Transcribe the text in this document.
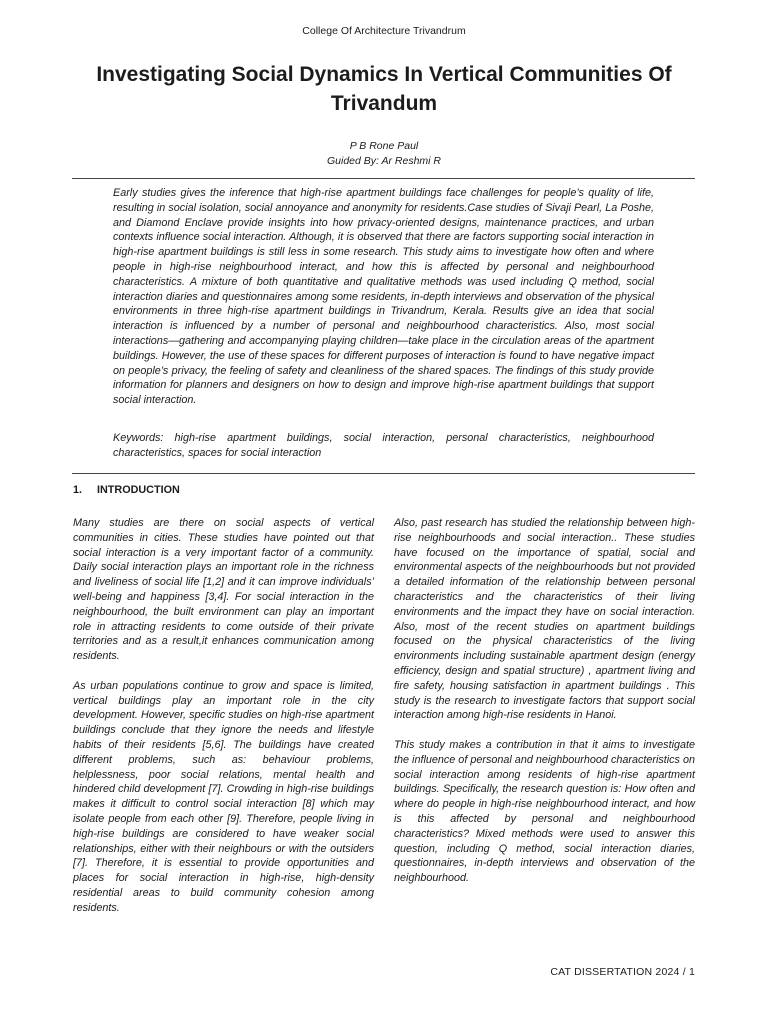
College Of Architecture Trivandrum
Investigating Social Dynamics In Vertical Communities Of Trivandum
P B Rone Paul
Guided By: Ar Reshmi R

Early studies gives the inference that high-rise apartment buildings face challenges for people’s quality of life, resulting in social isolation, social annoyance and anonymity for residents.Case studies of Sivaji Pearl, La Poshe, and Diamond Enclave provide insights into how privacy-oriented designs, maintenance practices, and urban contexts influence social interaction. Although, it is observed that there are factors supporting social interaction in high-rise apartment buildings is still less in some research. This study aims to investigate how often and where people in high-rise neighbourhood interact, and how this is affected by personal and neighbourhood characteristics. A mixture of both quantitative and qualitative methods was used including Q method, social interaction diaries and questionnaires among some residents, in-depth interviews and observation of the physical environments in three high-rise apartment buildings in Trivandrum, Kerala. Results give an idea that social interaction is influenced by a number of personal and neighbourhood characteristics. Also, most social interactions—gathering and accompanying playing children—take place in the circulation areas of the apartment buildings. However, the use of these spaces for different purposes of interaction is found to have negative impact on people’s privacy, the feeling of safety and cleanliness of the shared spaces. The findings of this study provide information for planners and designers on how to design and improve high-rise apartment buildings that support social interaction.

Keywords: high-rise apartment buildings, social interaction, personal characteristics, neighbourhood characteristics, spaces for social interaction

1. INTRODUCTION

Many studies are there on social aspects of vertical communities in cities. These studies have pointed out that social interaction is a very important factor of a community. Daily social interaction plays an important role in the richness and liveliness of social life [1,2] and it can improve individuals’ well-being and happiness [3,4]. For social interaction in the neighbourhood, the built environment can play an important role in attracting residents to come outside of their private territories and as a result,it enhances communication among residents.

As urban populations continue to grow and space is limited, vertical buildings play an important role in the city development. However, specific studies on high-rise apartment buildings conclude that they ignore the needs and lifestyle habits of their residents [5,6]. The buildings have created different problems, such as: behaviour problems, helplessness, poor social relations, mental health and hindered child development [7]. Crowding in high-rise buildings makes it difficult to control social interaction [8] which may isolate people from each other [9]. Therefore, people living in high-rise buildings are considered to have weaker social relationships, either with their neighbours or with the outsiders [7]. Therefore, it is essential to provide opportunities and places for social interaction in high-rise, high-density residential areas to build community cohesion among residents.

Also, past research has studied the relationship between high-rise neighbourhoods and social interaction.. These studies have focused on the importance of spatial, social and environmental aspects of the neighbourhoods but not provided a detailed information of the relationship between personal characteristics and the characteristics of their living environments and the impact they have on social interaction. Also, most of the recent studies on apartment buildings focused on the physical characteristics of the living environments including sustainable apartment design (energy efficiency, design and spatial structure) , apartment living and fire safety, housing satisfaction in apartment buildings . This study is the research to investigate factors that support social interaction among high-rise residents in Hanoi.

This study makes a contribution in that it aims to investigate the influence of personal and neighbourhood characteristics on social interaction among residents of high-rise apartment buildings. Specifically, the research question is: How often and where do people in high-rise neighbourhood interact, and how is this affected by personal and neighbourhood characteristics? Mixed methods were used to answer this question, including Q method, social interaction diaries, questionnaires, in-depth interviews and observation of the neighbourhood.

CAT DISSERTATION 2024 / 1
